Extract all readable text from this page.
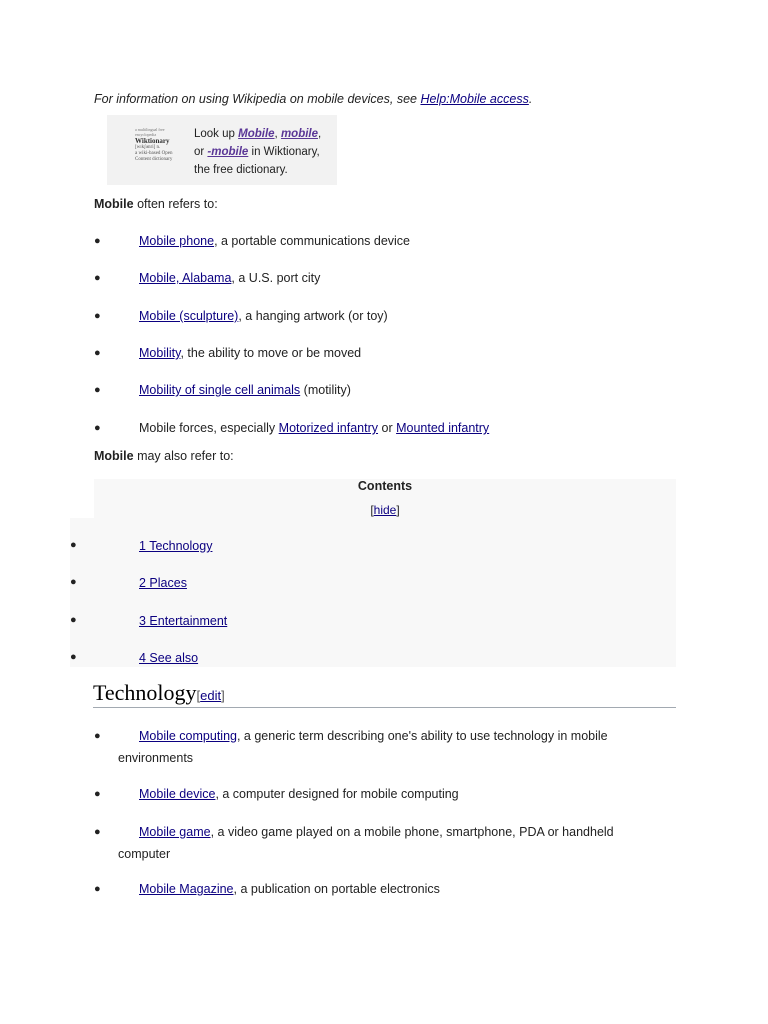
For information on using Wikipedia on mobile devices, see Help:Mobile access.
a multilingual free
encyclopedia
Wiktionary
[wɪkʃənri] n.
a wiki-based Open
Content dictionary
Look up Mobile, mobile,
or -mobile in Wiktionary,
the free dictionary.
Mobile often refers to:
●	Mobile phone, a portable communications device
●	Mobile, Alabama, a U.S. port city
●	Mobile (sculpture), a hanging artwork (or toy)
●	Mobility, the ability to move or be moved
●	Mobility of single cell animals (motility)
●	Mobile forces, especially Motorized infantry or Mounted infantry
Mobile may also refer to:
Contents
[hide]
●	1 Technology
●	2 Places
●	3 Entertainment
●	4 See also
Technology[edit]
●	Mobile computing, a generic term describing one's ability to use technology in mobile
environments
●	Mobile device, a computer designed for mobile computing
●	Mobile game, a video game played on a mobile phone, smartphone, PDA or handheld
computer
●	Mobile Magazine, a publication on portable electronics
